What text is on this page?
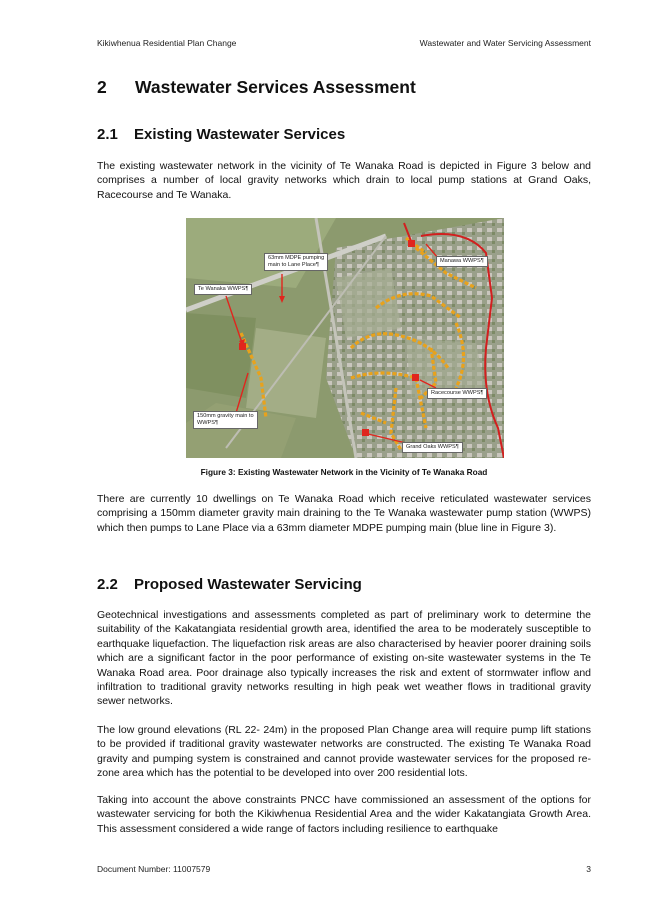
Kikiwhenua Residential Plan Change	Wastewater and Water Servicing Assessment
2 Wastewater Services Assessment
2.1 Existing Wastewater Services
The existing wastewater network in the vicinity of Te Wanaka Road is depicted in Figure 3 below and comprises a number of local gravity networks which drain to local pump stations at Grand Oaks, Racecourse and Te Wanaka.
63mm MDPE pumping
main to Lane Place¶
Te Wanaka WWPS¶
Manawa WWPS¶
Racecourse WWPS¶
150mm gravity main to
WWPS¶
Grand Oaks WWPS¶
Figure 3: Existing Wastewater Network in the Vicinity of Te Wanaka Road
There are currently 10 dwellings on Te Wanaka Road which receive reticulated wastewater services comprising a 150mm diameter gravity main draining to the Te Wanaka wastewater pump station (WWPS) which then pumps to Lane Place via a 63mm diameter MDPE pumping main (blue line in Figure 3).
2.2 Proposed Wastewater Servicing
Geotechnical investigations and assessments completed as part of preliminary work to determine the suitability of the Kakatangiata residential growth area, identified the area to be moderately susceptible to earthquake liquefaction. The liquefaction risk areas are also characterised by heavier poorer draining soils which are a significant factor in the poor performance of existing on-site wastewater systems in the Te Wanaka Road area. Poor drainage also typically increases the risk and extent of stormwater inflow and infiltration to traditional gravity networks resulting in high peak wet weather flows in traditional gravity sewer networks.
The low ground elevations (RL 22- 24m) in the proposed Plan Change area will require pump lift stations to be provided if traditional gravity wastewater networks are constructed. The existing Te Wanaka Road gravity and pumping system is constrained and cannot provide wastewater services for the proposed re-zone area which has the potential to be developed into over 200 residential lots.
Taking into account the above constraints PNCC have commissioned an assessment of the options for wastewater servicing for both the Kikiwhenua Residential Area and the wider Kakatangiata Growth Area. This assessment considered a wide range of factors including resilience to earthquake
Document Number: 11007579	3
